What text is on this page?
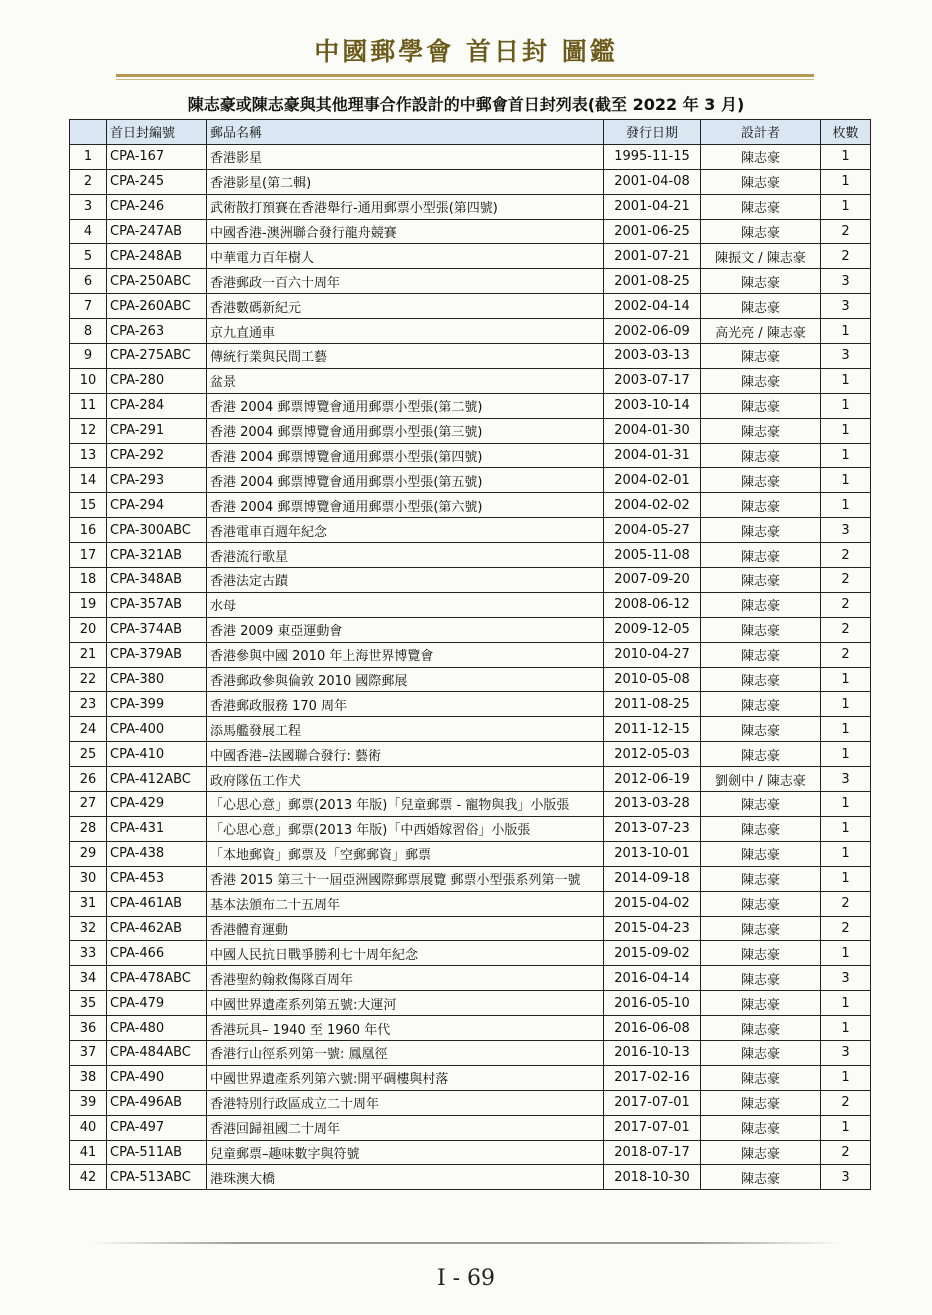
中國郵學會 首日封 圖鑑
陳志豪或陳志豪與其他理事合作設計的中郵會首日封列表(截至 2022 年 3 月)
	首日封編號	郵品名稱	發行日期	設計者	枚數
1	CPA-167	香港影星	1995-11-15	陳志豪	1
2	CPA-245	香港影星(第二輯)	2001-04-08	陳志豪	1
3	CPA-246	武術散打預賽在香港舉行-通用郵票小型張(第四號)	2001-04-21	陳志豪	1
4	CPA-247AB	中國香港-澳洲聯合發行龍舟競賽	2001-06-25	陳志豪	2
5	CPA-248AB	中華電力百年樹人	2001-07-21	陳振文 / 陳志豪	2
6	CPA-250ABC	香港郵政一百六十周年	2001-08-25	陳志豪	3
7	CPA-260ABC	香港數碼新紀元	2002-04-14	陳志豪	3
8	CPA-263	京九直通車	2002-06-09	高光亮 / 陳志豪	1
9	CPA-275ABC	傳統行業與民間工藝	2003-03-13	陳志豪	3
10	CPA-280	盆景	2003-07-17	陳志豪	1
11	CPA-284	香港 2004 郵票博覽會通用郵票小型張(第二號)	2003-10-14	陳志豪	1
12	CPA-291	香港 2004 郵票博覽會通用郵票小型張(第三號)	2004-01-30	陳志豪	1
13	CPA-292	香港 2004 郵票博覽會通用郵票小型張(第四號)	2004-01-31	陳志豪	1
14	CPA-293	香港 2004 郵票博覽會通用郵票小型張(第五號)	2004-02-01	陳志豪	1
15	CPA-294	香港 2004 郵票博覽會通用郵票小型張(第六號)	2004-02-02	陳志豪	1
16	CPA-300ABC	香港電車百週年紀念	2004-05-27	陳志豪	3
17	CPA-321AB	香港流行歌星	2005-11-08	陳志豪	2
18	CPA-348AB	香港法定古蹟	2007-09-20	陳志豪	2
19	CPA-357AB	水母	2008-06-12	陳志豪	2
20	CPA-374AB	香港 2009 東亞運動會	2009-12-05	陳志豪	2
21	CPA-379AB	香港參與中國 2010 年上海世界博覽會	2010-04-27	陳志豪	2
22	CPA-380	香港郵政參與倫敦 2010 國際郵展	2010-05-08	陳志豪	1
23	CPA-399	香港郵政服務 170 周年	2011-08-25	陳志豪	1
24	CPA-400	添馬艦發展工程	2011-12-15	陳志豪	1
25	CPA-410	中國香港–法國聯合發行: 藝術	2012-05-03	陳志豪	1
26	CPA-412ABC	政府隊伍工作犬	2012-06-19	劉劍中 / 陳志豪	3
27	CPA-429	「心思心意」郵票(2013 年版)「兒童郵票 - 寵物與我」小版張	2013-03-28	陳志豪	1
28	CPA-431	「心思心意」郵票(2013 年版)「中西婚嫁習俗」小版張	2013-07-23	陳志豪	1
29	CPA-438	「本地郵資」郵票及「空郵郵資」郵票	2013-10-01	陳志豪	1
30	CPA-453	香港 2015 第三十一屆亞洲國際郵票展覽 郵票小型張系列第一號	2014-09-18	陳志豪	1
31	CPA-461AB	基本法頒布二十五周年	2015-04-02	陳志豪	2
32	CPA-462AB	香港體育運動	2015-04-23	陳志豪	2
33	CPA-466	中國人民抗日戰爭勝利七十周年紀念	2015-09-02	陳志豪	1
34	CPA-478ABC	香港聖約翰救傷隊百周年	2016-04-14	陳志豪	3
35	CPA-479	中國世界遺產系列第五號:大運河	2016-05-10	陳志豪	1
36	CPA-480	香港玩具– 1940 至 1960 年代	2016-06-08	陳志豪	1
37	CPA-484ABC	香港行山徑系列第一號: 鳳凰徑	2016-10-13	陳志豪	3
38	CPA-490	中國世界遺產系列第六號:開平碉樓與村落	2017-02-16	陳志豪	1
39	CPA-496AB	香港特別行政區成立二十周年	2017-07-01	陳志豪	2
40	CPA-497	香港回歸祖國二十周年	2017-07-01	陳志豪	1
41	CPA-511AB	兒童郵票–趣味數字與符號	2018-07-17	陳志豪	2
42	CPA-513ABC	港珠澳大橋	2018-10-30	陳志豪	3
I - 69
